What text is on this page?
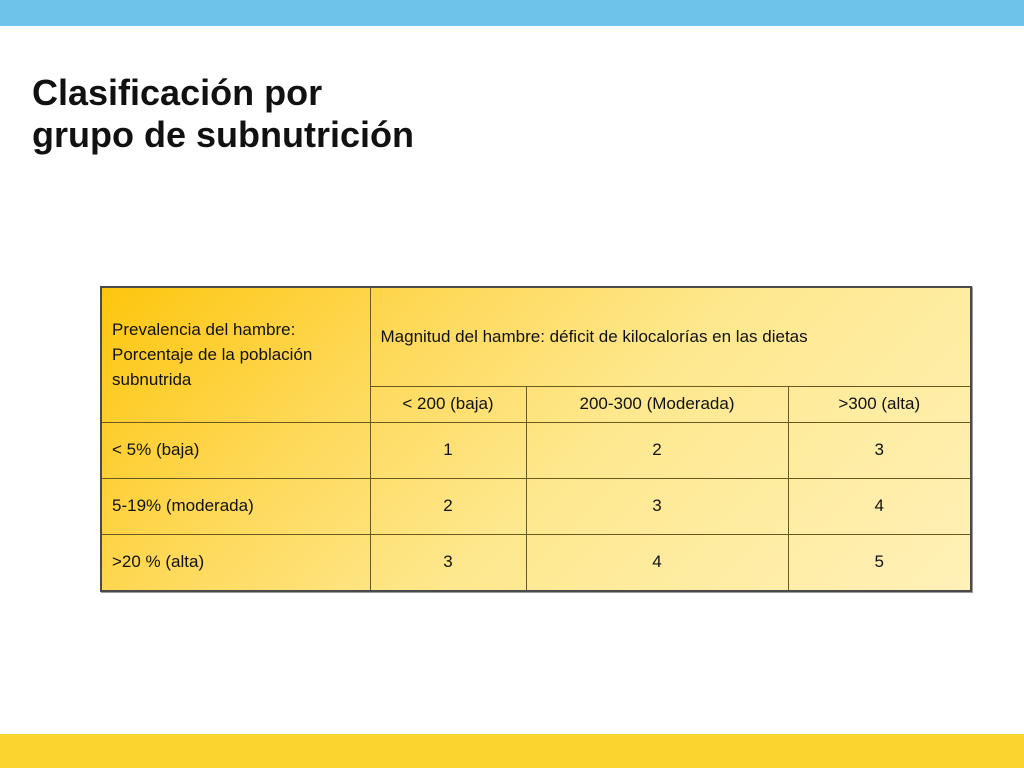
Clasificación por
grupo de subnutrición
Prevalencia del hambre:
Porcentaje de la población
subnutrida	Magnitud del hambre: déficit de kilocalorías en las dietas		
	< 200 (baja)	200-300 (Moderada)	>300 (alta)
< 5% (baja)	1	2	3
5-19% (moderada)	2	3	4
>20 % (alta)	3	4	5
